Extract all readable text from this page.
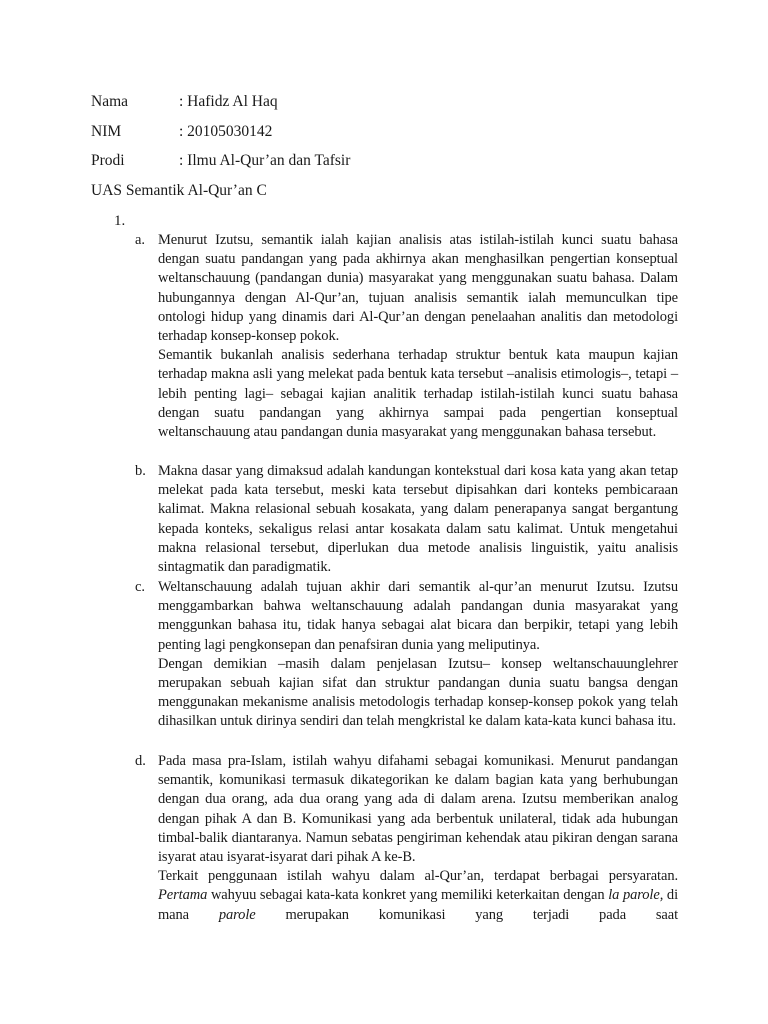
Nama	: Hafidz Al Haq
NIM	: 20105030142
Prodi	: Ilmu Al-Qur’an dan Tafsir
UAS Semantik Al-Qur’an C
1.
a. Menurut Izutsu, semantik ialah kajian analisis atas istilah-istilah kunci suatu bahasa dengan suatu pandangan yang pada akhirnya akan menghasilkan pengertian konseptual weltanschauung (pandangan dunia) masyarakat yang menggunakan suatu bahasa. Dalam hubungannya dengan Al-Qur’an, tujuan analisis semantik ialah memunculkan tipe ontologi hidup yang dinamis dari Al-Qur’an dengan penelaahan analitis dan metodologi terhadap konsep-konsep pokok.

Semantik bukanlah analisis sederhana terhadap struktur bentuk kata maupun kajian terhadap makna asli yang melekat pada bentuk kata tersebut –analisis etimologis–, tetapi –lebih penting lagi– sebagai kajian analitik terhadap istilah-istilah kunci suatu bahasa dengan suatu pandangan yang akhirnya sampai pada pengertian konseptual weltanschauung atau pandangan dunia masyarakat yang menggunakan bahasa tersebut.

b. Makna dasar yang dimaksud adalah kandungan kontekstual dari kosa kata yang akan tetap melekat pada kata tersebut, meski kata tersebut dipisahkan dari konteks pembicaraan kalimat. Makna relasional sebuah kosakata, yang dalam penerapanya sangat bergantung kepada konteks, sekaligus relasi antar kosakata dalam satu kalimat. Untuk mengetahui makna relasional tersebut, diperlukan dua metode analisis linguistik, yaitu analisis sintagmatik dan paradigmatik.

c. Weltanschauung adalah tujuan akhir dari semantik al-qur’an menurut Izutsu. Izutsu menggambarkan bahwa weltanschauung adalah pandangan dunia masyarakat yang menggunkan bahasa itu, tidak hanya sebagai alat bicara dan berpikir, tetapi yang lebih penting lagi pengkonsepan dan penafsiran dunia yang meliputinya.

Dengan demikian –masih dalam penjelasan Izutsu– konsep weltanschauunglehrer merupakan sebuah kajian sifat dan struktur pandangan dunia suatu bangsa dengan menggunakan mekanisme analisis metodologis terhadap konsep-konsep pokok yang telah dihasilkan untuk dirinya sendiri dan telah mengkristal ke dalam kata-kata kunci bahasa itu.

d. Pada masa pra-Islam, istilah wahyu difahami sebagai komunikasi. Menurut pandangan semantik, komunikasi termasuk dikategorikan ke dalam bagian kata yang berhubungan dengan dua orang, ada dua orang yang ada di dalam arena. Izutsu memberikan analog dengan pihak A dan B. Komunikasi yang ada berbentuk unilateral, tidak ada hubungan timbal-balik diantaranya. Namun sebatas pengiriman kehendak atau pikiran dengan sarana isyarat atau isyarat-isyarat dari pihak A ke-B.

Terkait penggunaan istilah wahyu dalam al-Qur’an, terdapat berbagai persyaratan. Pertama wahyuu sebagai kata-kata konkret yang memiliki keterkaitan dengan la parole, di mana parole merupakan komunikasi yang terjadi pada saat
